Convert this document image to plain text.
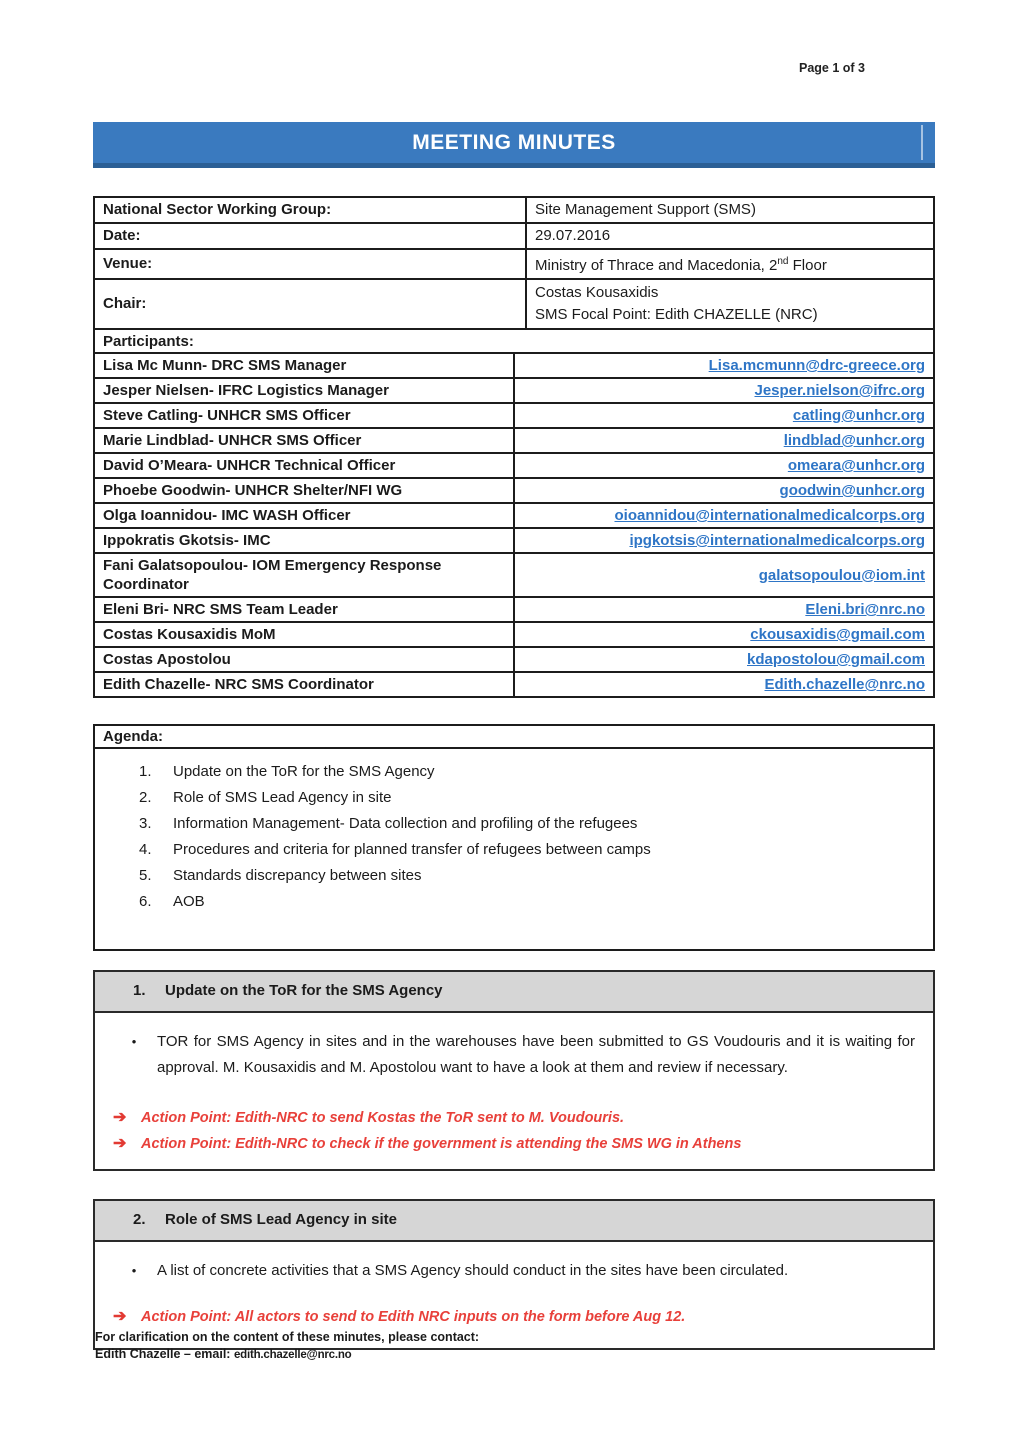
Page 1 of 3
MEETING MINUTES
National Sector Working Group:	Site Management Support (SMS)
Date:	29.07.2016
Venue:	Ministry of Thrace and Macedonia, 2nd Floor
Chair:	Costas Kousaxidis
SMS Focal Point: Edith CHAZELLE (NRC)
Participants:	
Lisa Mc Munn- DRC SMS Manager	Lisa.mcmunn@drc-greece.org
Jesper Nielsen- IFRC Logistics Manager	Jesper.nielson@ifrc.org
Steve Catling- UNHCR SMS Officer	catling@unhcr.org
Marie Lindblad- UNHCR SMS Officer	lindblad@unhcr.org
David O’Meara- UNHCR Technical Officer	omeara@unhcr.org
Phoebe Goodwin- UNHCR Shelter/NFI WG	goodwin@unhcr.org
Olga Ioannidou- IMC WASH Officer	oioannidou@internationalmedicalcorps.org
Ippokratis Gkotsis- IMC	ipgkotsis@internationalmedicalcorps.org
Fani Galatsopoulou- IOM Emergency Response Coordinator	galatsopoulou@iom.int
Eleni Bri- NRC SMS Team Leader	Eleni.bri@nrc.no
Costas Kousaxidis MoM	ckousaxidis@gmail.com
Costas Apostolou	kdapostolou@gmail.com
Edith Chazelle- NRC SMS Coordinator	Edith.chazelle@nrc.no
Agenda:
1.	Update on the ToR for the SMS Agency
2.	Role of SMS Lead Agency in site
3.	Information Management- Data collection and profiling of the refugees
4.	Procedures and criteria for planned transfer of refugees between camps
5.	Standards discrepancy between sites
6.	AOB
1.	Update on the ToR for the SMS Agency
•	TOR for SMS Agency in sites and in the warehouses have been submitted to GS Voudouris and it is waiting for approval. M. Kousaxidis and M. Apostolou want to have a look at them and review if necessary.
➔	Action Point: Edith-NRC to send Kostas the ToR sent to M. Voudouris.
➔	Action Point: Edith-NRC to check if the government is attending the SMS WG in Athens
2.	Role of SMS Lead Agency in site
•	A list of concrete activities that a SMS Agency should conduct in the sites have been circulated.
➔	Action Point: All actors to send to Edith NRC inputs on the form before Aug 12.
For clarification on the content of these minutes, please contact:
Edith Chazelle – email: edith.chazelle@nrc.no
